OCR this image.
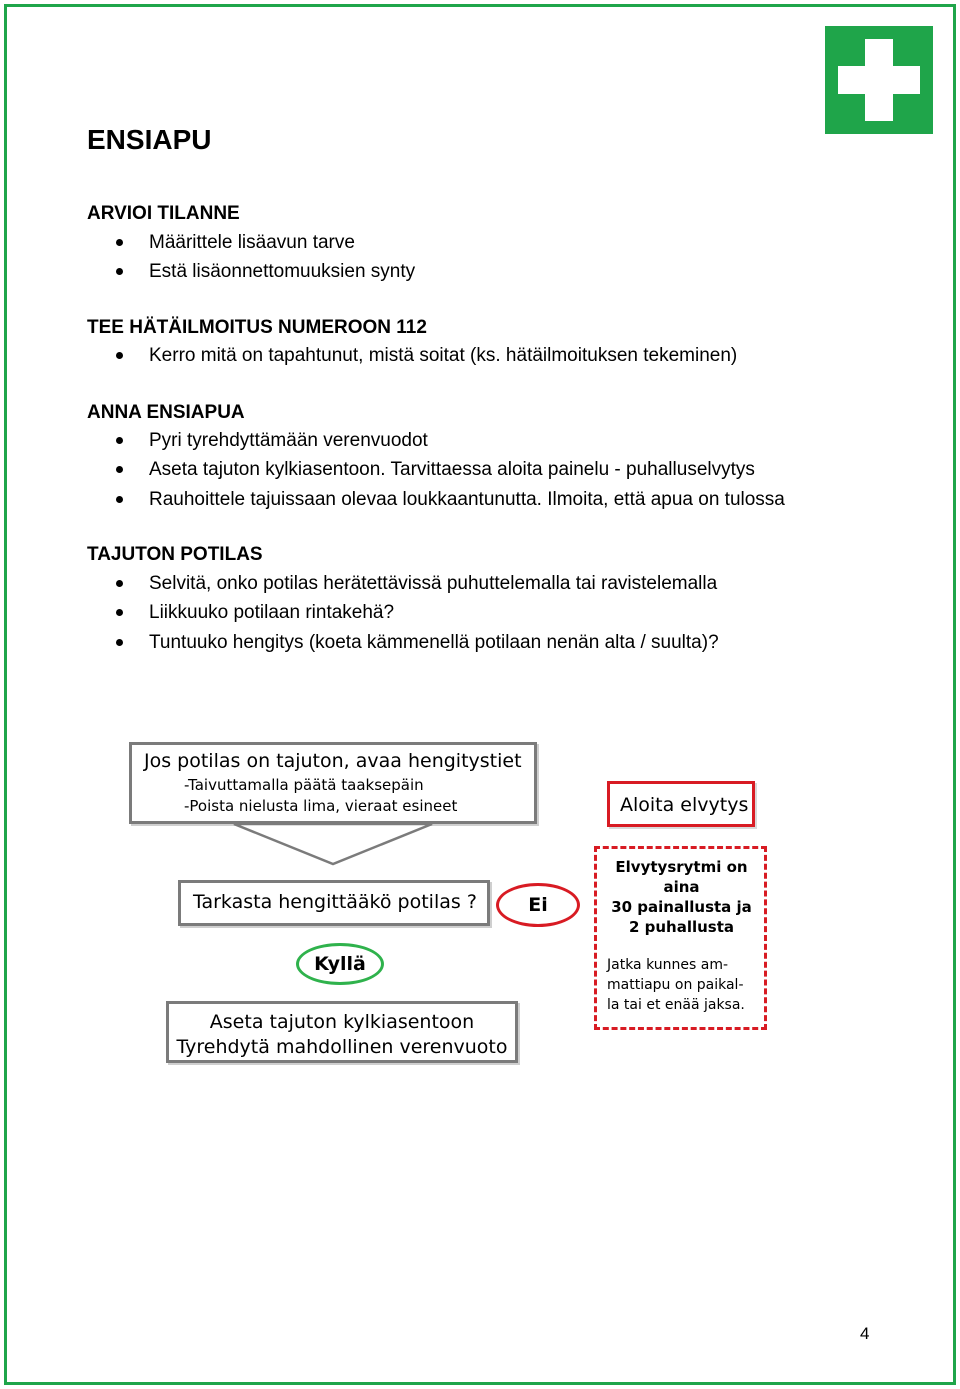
ENSIAPU
ARVIOI TILANNE
Määrittele lisäavun tarve
Estä lisäonnettomuuksien synty
TEE HÄTÄILMOITUS NUMEROON 112
Kerro mitä on tapahtunut, mistä soitat (ks. hätäilmoituksen tekeminen)
ANNA ENSIAPUA
Pyri tyrehdyttämään verenvuodot
Aseta tajuton kylkiasentoon. Tarvittaessa aloita painelu - puhalluselvytys
Rauhoittele tajuissaan olevaa loukkaantunutta. Ilmoita, että apua on tulossa
TAJUTON POTILAS
Selvitä, onko potilas herätettävissä puhuttelemalla tai ravistelemalla
Liikkuuko potilaan rintakehä?
Tuntuuko hengitys (koeta kämmenellä potilaan nenän alta / suulta)?
Jos potilas on tajuton, avaa hengitystiet
-Taivuttamalla päätä taaksepäin
-Poista nielusta lima, vieraat esineet
Tarkasta hengittääkö potilas ?	Ei
Kyllä
Aseta tajuton kylkiasentoon
Tyrehdytä mahdollinen verenvuoto
Aloita elvytys
Elvytysrytmi on
aina
30 painallusta ja
2 puhallusta
Jatka kunnes am-
mattiapu on paikal-
la tai et enää jaksa.
4
